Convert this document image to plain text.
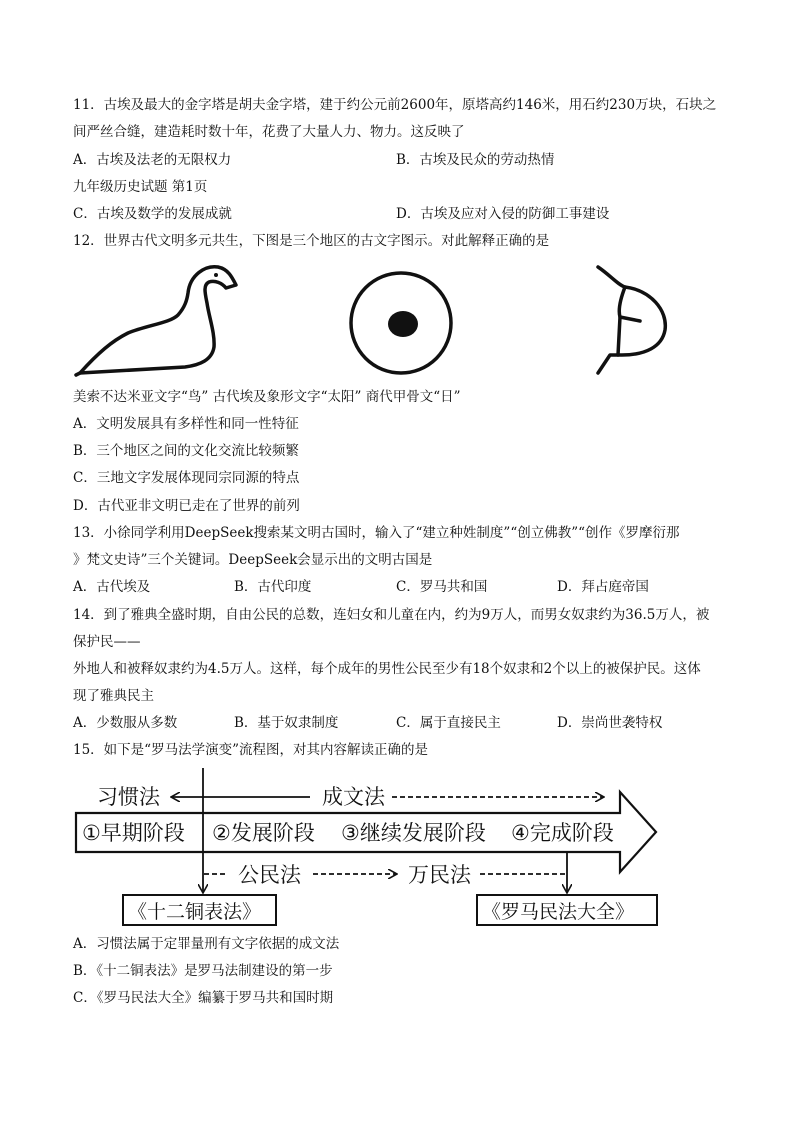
11．古埃及最大的金字塔是胡夫金字塔，建于约公元前2600年，原塔高约146米，用石约230万块，石块之
间严丝合缝，建造耗时数十年，花费了大量人力、物力。这反映了
A．古埃及法老的无限权力	B．古埃及民众的劳动热情
九年级历史试题 第1页
C．古埃及数学的发展成就	D．古埃及应对入侵的防御工事建设
12．世界古代文明多元共生，下图是三个地区的古文字图示。对此解释正确的是
美索不达米亚文字“鸟” 古代埃及象形文字“太阳” 商代甲骨文“日”
A．文明发展具有多样性和同一性特征
B．三个地区之间的文化交流比较频繁
C．三地文字发展体现同宗同源的特点
D．古代亚非文明已走在了世界的前列
13．小徐同学利用DeepSeek搜索某文明古国时，输入了“建立种姓制度”“创立佛教”“创作《罗摩衍那
》梵文史诗”三个关键词。DeepSeek会显示出的文明古国是
A．古代埃及	B．古代印度	C．罗马共和国	D．拜占庭帝国
14．到了雅典全盛时期，自由公民的总数，连妇女和儿童在内，约为9万人，而男女奴隶约为36.5万人，被
保护民——
外地人和被释奴隶约为4.5万人。这样，每个成年的男性公民至少有18个奴隶和2个以上的被保护民。这体
现了雅典民主
A．少数服从多数	B．基于奴隶制度	C．属于直接民主	D．崇尚世袭特权
15．如下是“罗马法学演变”流程图，对其内容解读正确的是
习惯法	成文法
①早期阶段 ②发展阶段 ③继续发展阶段 ④完成阶段
公民法	万民法
《十二铜表法》	《罗马民法大全》
A．习惯法属于定罪量刑有文字依据的成文法
B．《十二铜表法》是罗马法制建设的第一步
C．《罗马民法大全》编纂于罗马共和国时期
